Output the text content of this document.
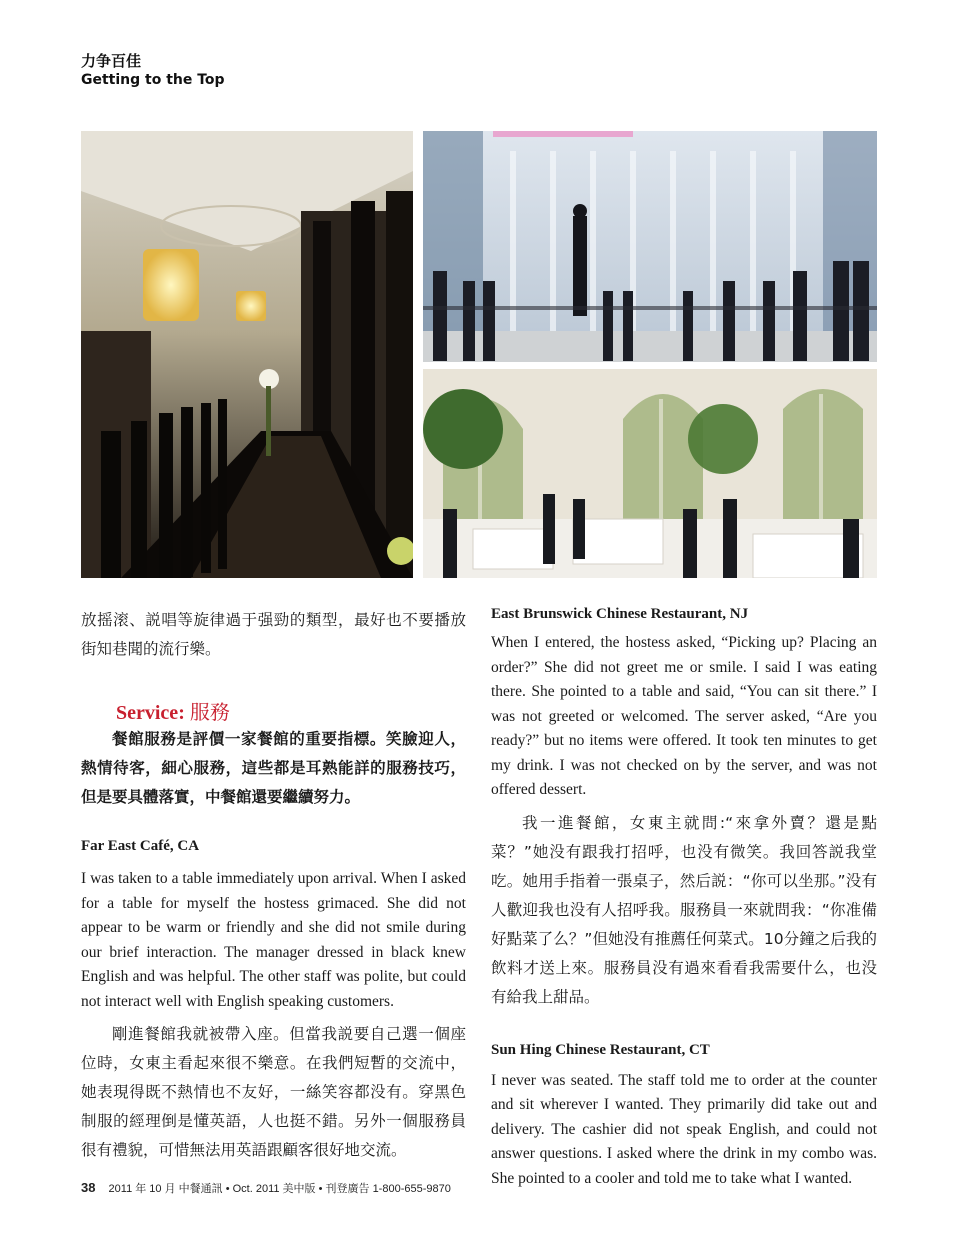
力争百佳
Getting to the Top

放摇滚、説唱等旋律過于强勁的類型，最好也不要播放街知巷聞的流行樂。

Service: 服務

餐館服務是評價一家餐館的重要指標。笑臉迎人，熱情待客，細心服務，這些都是耳熟能詳的服務技巧，但是要具體落實，中餐館還要繼續努力。

Far East Café, CA

I was taken to a table immediately upon arrival. When I asked for a table for myself the hostess grimaced. She did not appear to be warm or friendly and she did not smile during our brief interaction. The manager dressed in black knew English and was helpful. The other staff was polite, but could not interact well with English speaking customers.

剛進餐館我就被帶入座。但當我説要自己選一個座位時，女東主看起來很不樂意。在我們短暫的交流中，她表現得既不熱情也不友好，一絲笑容都没有。穿黑色制服的經理倒是懂英語，人也挺不錯。另外一個服務員很有禮貌，可惜無法用英語跟顧客很好地交流。

East Brunswick Chinese Restaurant, NJ

When I entered, the hostess asked, “Picking up? Placing an order?” She did not greet me or smile. I said I was eating there. She pointed to a table and said, “You can sit there.” I was not greeted or welcomed. The server asked, “Are you ready?” but no items were offered. It took ten minutes to get my drink. I was not checked on by the server, and was not offered dessert.

我一進餐館，女東主就問:“來拿外賣？還是點菜？”她没有跟我打招呼，也没有微笑。我回答説我堂吃。她用手指着一張桌子，然后説：“你可以坐那。”没有人歡迎我也没有人招呼我。服務員一來就問我：“你准備好點菜了么？”但她没有推薦任何菜式。10分鐘之后我的飲料才送上來。服務員没有過來看看我需要什么，也没有給我上甜品。

Sun Hing Chinese Restaurant, CT

I never was seated. The staff told me to order at the counter and sit wherever I wanted. They primarily did take out and delivery. The cashier did not speak English, and could not answer questions. I asked where the drink in my combo was. She pointed to a cooler and told me to take what I wanted.

38 2011 年 10 月 中餐通訊 • Oct. 2011 美中版 • 刊登廣告 1-800-655-9870
